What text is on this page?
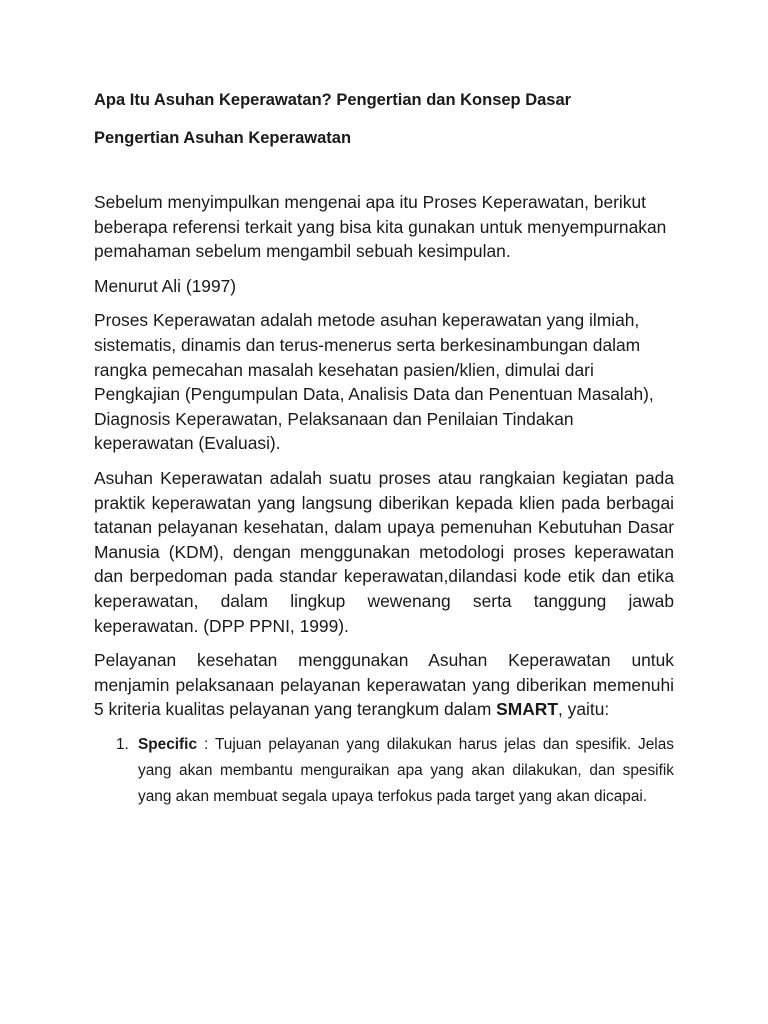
Apa Itu Asuhan Keperawatan? Pengertian dan Konsep Dasar

Pengertian Asuhan Keperawatan

Sebelum menyimpulkan mengenai apa itu Proses Keperawatan, berikut beberapa referensi terkait yang bisa kita gunakan untuk menyempurnakan pemahaman sebelum mengambil sebuah kesimpulan.

Menurut Ali (1997)

Proses Keperawatan adalah metode asuhan keperawatan yang ilmiah, sistematis, dinamis dan terus-menerus serta berkesinambungan dalam rangka pemecahan masalah kesehatan pasien/klien, dimulai dari Pengkajian (Pengumpulan Data, Analisis Data dan Penentuan Masalah), Diagnosis Keperawatan, Pelaksanaan dan Penilaian Tindakan keperawatan (Evaluasi).

Asuhan Keperawatan adalah suatu proses atau rangkaian kegiatan pada praktik keperawatan yang langsung diberikan kepada klien pada berbagai tatanan pelayanan kesehatan, dalam upaya pemenuhan Kebutuhan Dasar Manusia (KDM), dengan menggunakan metodologi proses keperawatan dan berpedoman pada standar keperawatan,dilandasi kode etik dan etika keperawatan, dalam lingkup wewenang serta tanggung jawab keperawatan. (DPP PPNI, 1999).

Pelayanan kesehatan menggunakan Asuhan Keperawatan untuk menjamin pelaksanaan pelayanan keperawatan yang diberikan memenuhi 5 kriteria kualitas pelayanan yang terangkum dalam SMART, yaitu:

1. Specific : Tujuan pelayanan yang dilakukan harus jelas dan spesifik. Jelas yang akan membantu menguraikan apa yang akan dilakukan, dan spesifik yang akan membuat segala upaya terfokus pada target yang akan dicapai.
